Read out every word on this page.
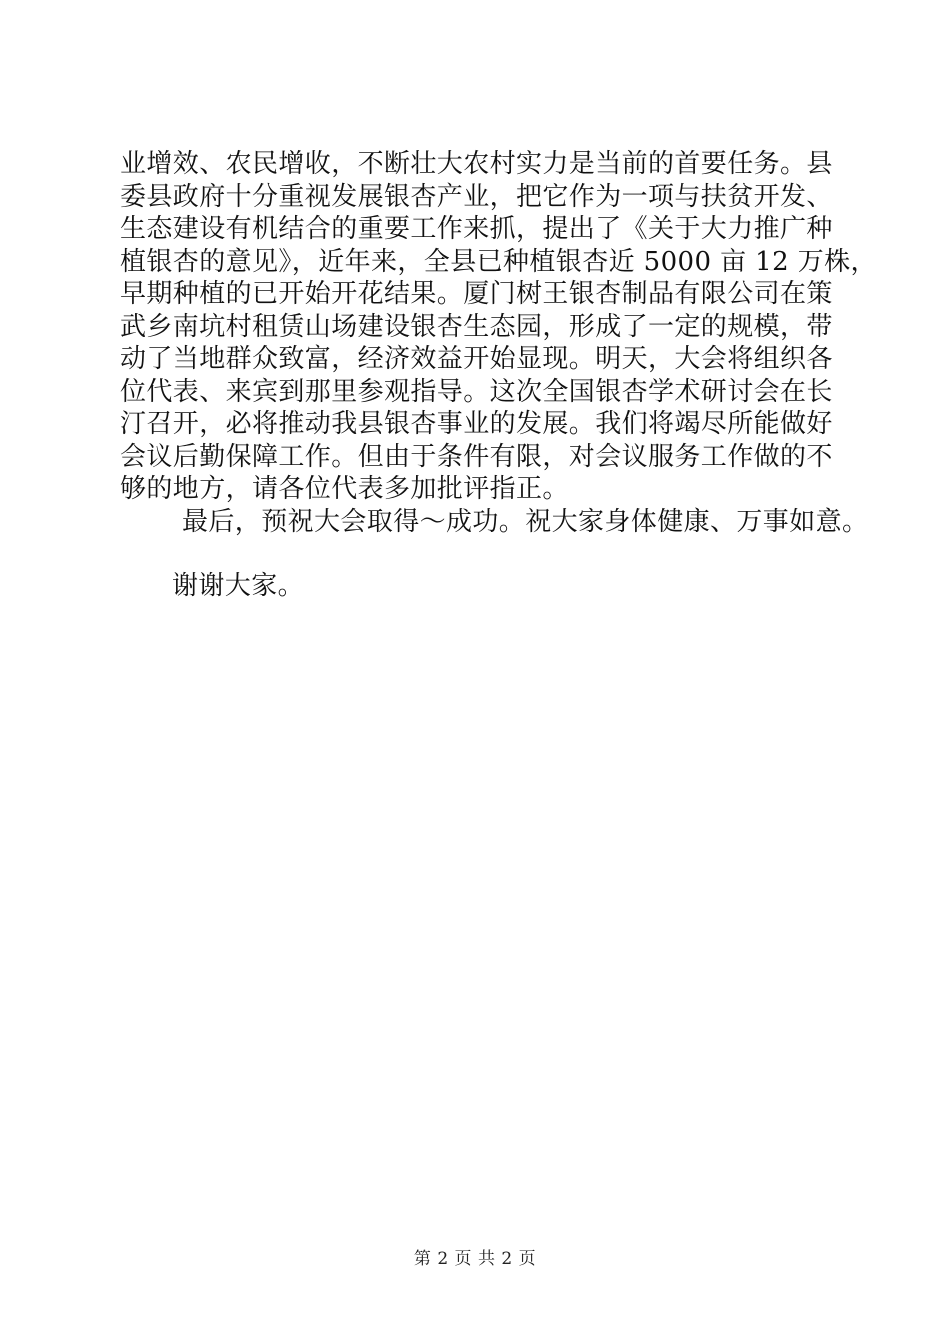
业增效、农民增收，不断壮大农村实力是当前的首要任务。县
委县政府十分重视发展银杏产业，把它作为一项与扶贫开发、
生态建设有机结合的重要工作来抓，提出了《关于大力推广种
植银杏的意见》，近年来，全县已种植银杏近 5000 亩 12 万株，
早期种植的已开始开花结果。厦门树王银杏制品有限公司在策
武乡南坑村租赁山场建设银杏生态园，形成了一定的规模，带
动了当地群众致富，经济效益开始显现。明天，大会将组织各
位代表、来宾到那里参观指导。这次全国银杏学术研讨会在长
汀召开，必将推动我县银杏事业的发展。我们将竭尽所能做好
会议后勤保障工作。但由于条件有限，对会议服务工作做的不
够的地方，请各位代表多加批评指正。
最后，预祝大会取得～成功。祝大家身体健康、万事如意。
谢谢大家。
第 2 页 共 2 页
